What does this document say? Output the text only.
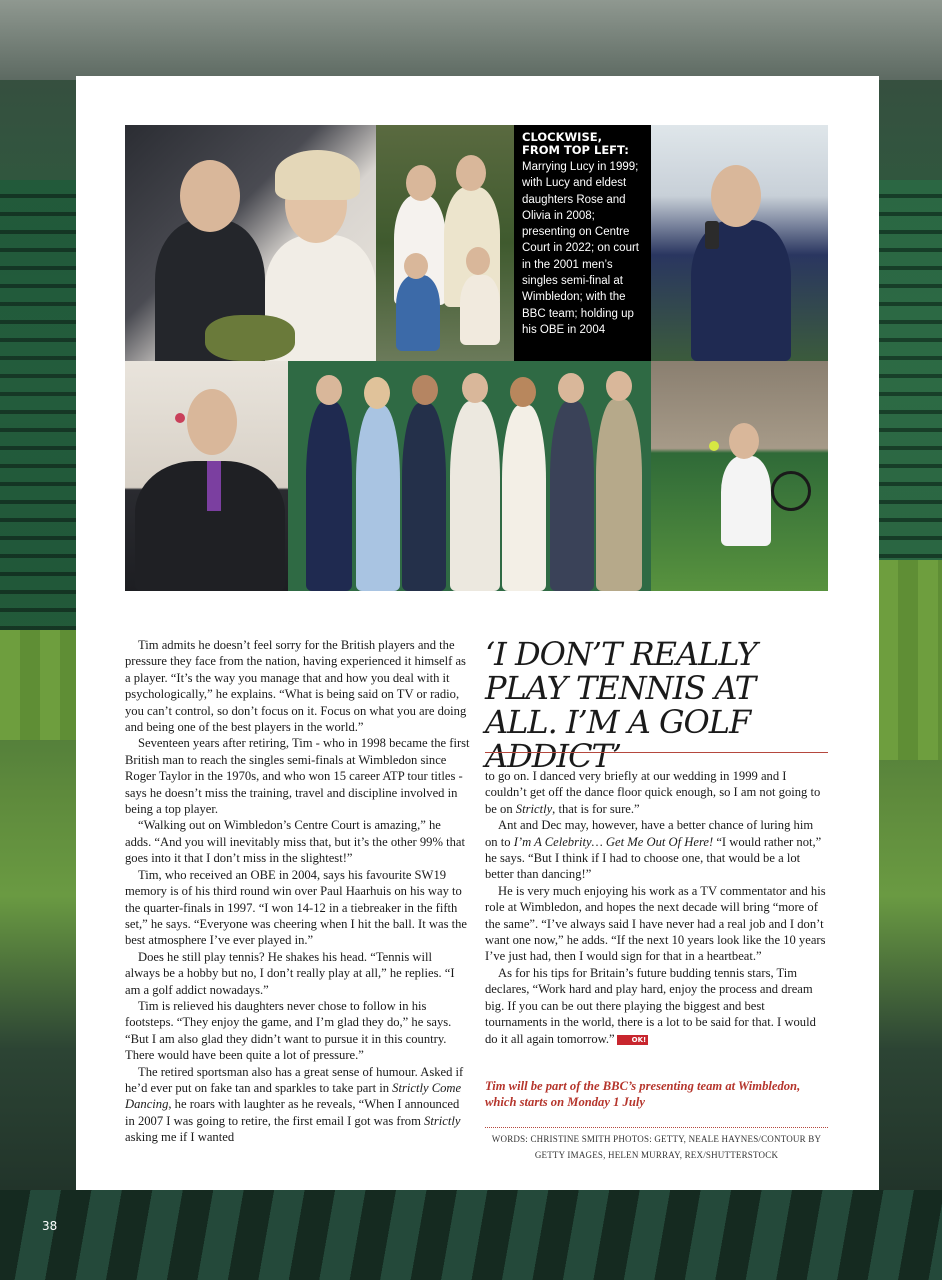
38
CLOCKWISE, FROM TOP LEFT:
Marrying Lucy in 1999; with Lucy and eldest daughters Rose and Olivia in 2008; presenting on Centre Court in 2022; on court in the 2001 men’s singles semi-final at Wimbledon; with the BBC team; holding up his OBE in 2004

Tim admits he doesn’t feel sorry for the British players and the pressure they face from the nation, having experienced it himself as a player. “It’s the way you manage that and how you deal with it psychologically,” he explains. “What is being said on TV or radio, you can’t control, so don’t focus on it. Focus on what you are doing and being one of the best players in the world.”

Seventeen years after retiring, Tim - who in 1998 became the first British man to reach the singles semi-finals at Wimbledon since Roger Taylor in the 1970s, and who won 15 career ATP tour titles - says he doesn’t miss the training, travel and discipline involved in being a top player.

“Walking out on Wimbledon’s Centre Court is amazing,” he adds. “And you will inevitably miss that, but it’s the other 99% that goes into it that I don’t miss in the slightest!”

Tim, who received an OBE in 2004, says his favourite SW19 memory is of his third round win over Paul Haarhuis on his way to the quarter-finals in 1997. “I won 14-12 in a tiebreaker in the fifth set,” he says. “Everyone was cheering when I hit the ball. It was the best atmosphere I’ve ever played in.”

Does he still play tennis? He shakes his head. “Tennis will always be a hobby but no, I don’t really play at all,” he replies. “I am a golf addict nowadays.”

Tim is relieved his daughters never chose to follow in his footsteps. “They enjoy the game, and I’m glad they do,” he says. “But I am also glad they didn’t want to pursue it in this country. There would have been quite a lot of pressure.”

The retired sportsman also has a great sense of humour. Asked if he’d ever put on fake tan and sparkles to take part in Strictly Come Dancing, he roars with laughter as he reveals, “When I announced in 2007 I was going to retire, the first email I got was from Strictly asking me if I wanted

‘I DON’T REALLY PLAY TENNIS AT ALL. I’M A GOLF ADDICT’

to go on. I danced very briefly at our wedding in 1999 and I couldn’t get off the dance floor quick enough, so I am not going to be on Strictly, that is for sure.”

Ant and Dec may, however, have a better chance of luring him on to I’m A Celebrity… Get Me Out Of Here! “I would rather not,” he says. “But I think if I had to choose one, that would be a lot better than dancing!”

He is very much enjoying his work as a TV commentator and his role at Wimbledon, and hopes the next decade will bring “more of the same”. “I’ve always said I have never had a real job and I don’t want one now,” he adds. “If the next 10 years look like the 10 years I’ve just had, then I would sign for that in a heartbeat.”

As for his tips for Britain’s future budding tennis stars, Tim declares, “Work hard and play hard, enjoy the process and dream big. If you can be out there playing the biggest and best tournaments in the world, there is a lot to be said for that. I would do it all again tomorrow.” OK!

Tim will be part of the BBC’s presenting team at Wimbledon, which starts on Monday 1 July
WORDS: CHRISTINE SMITH PHOTOS: GETTY, NEALE HAYNES/CONTOUR BY GETTY IMAGES, HELEN MURRAY, REX/SHUTTERSTOCK
